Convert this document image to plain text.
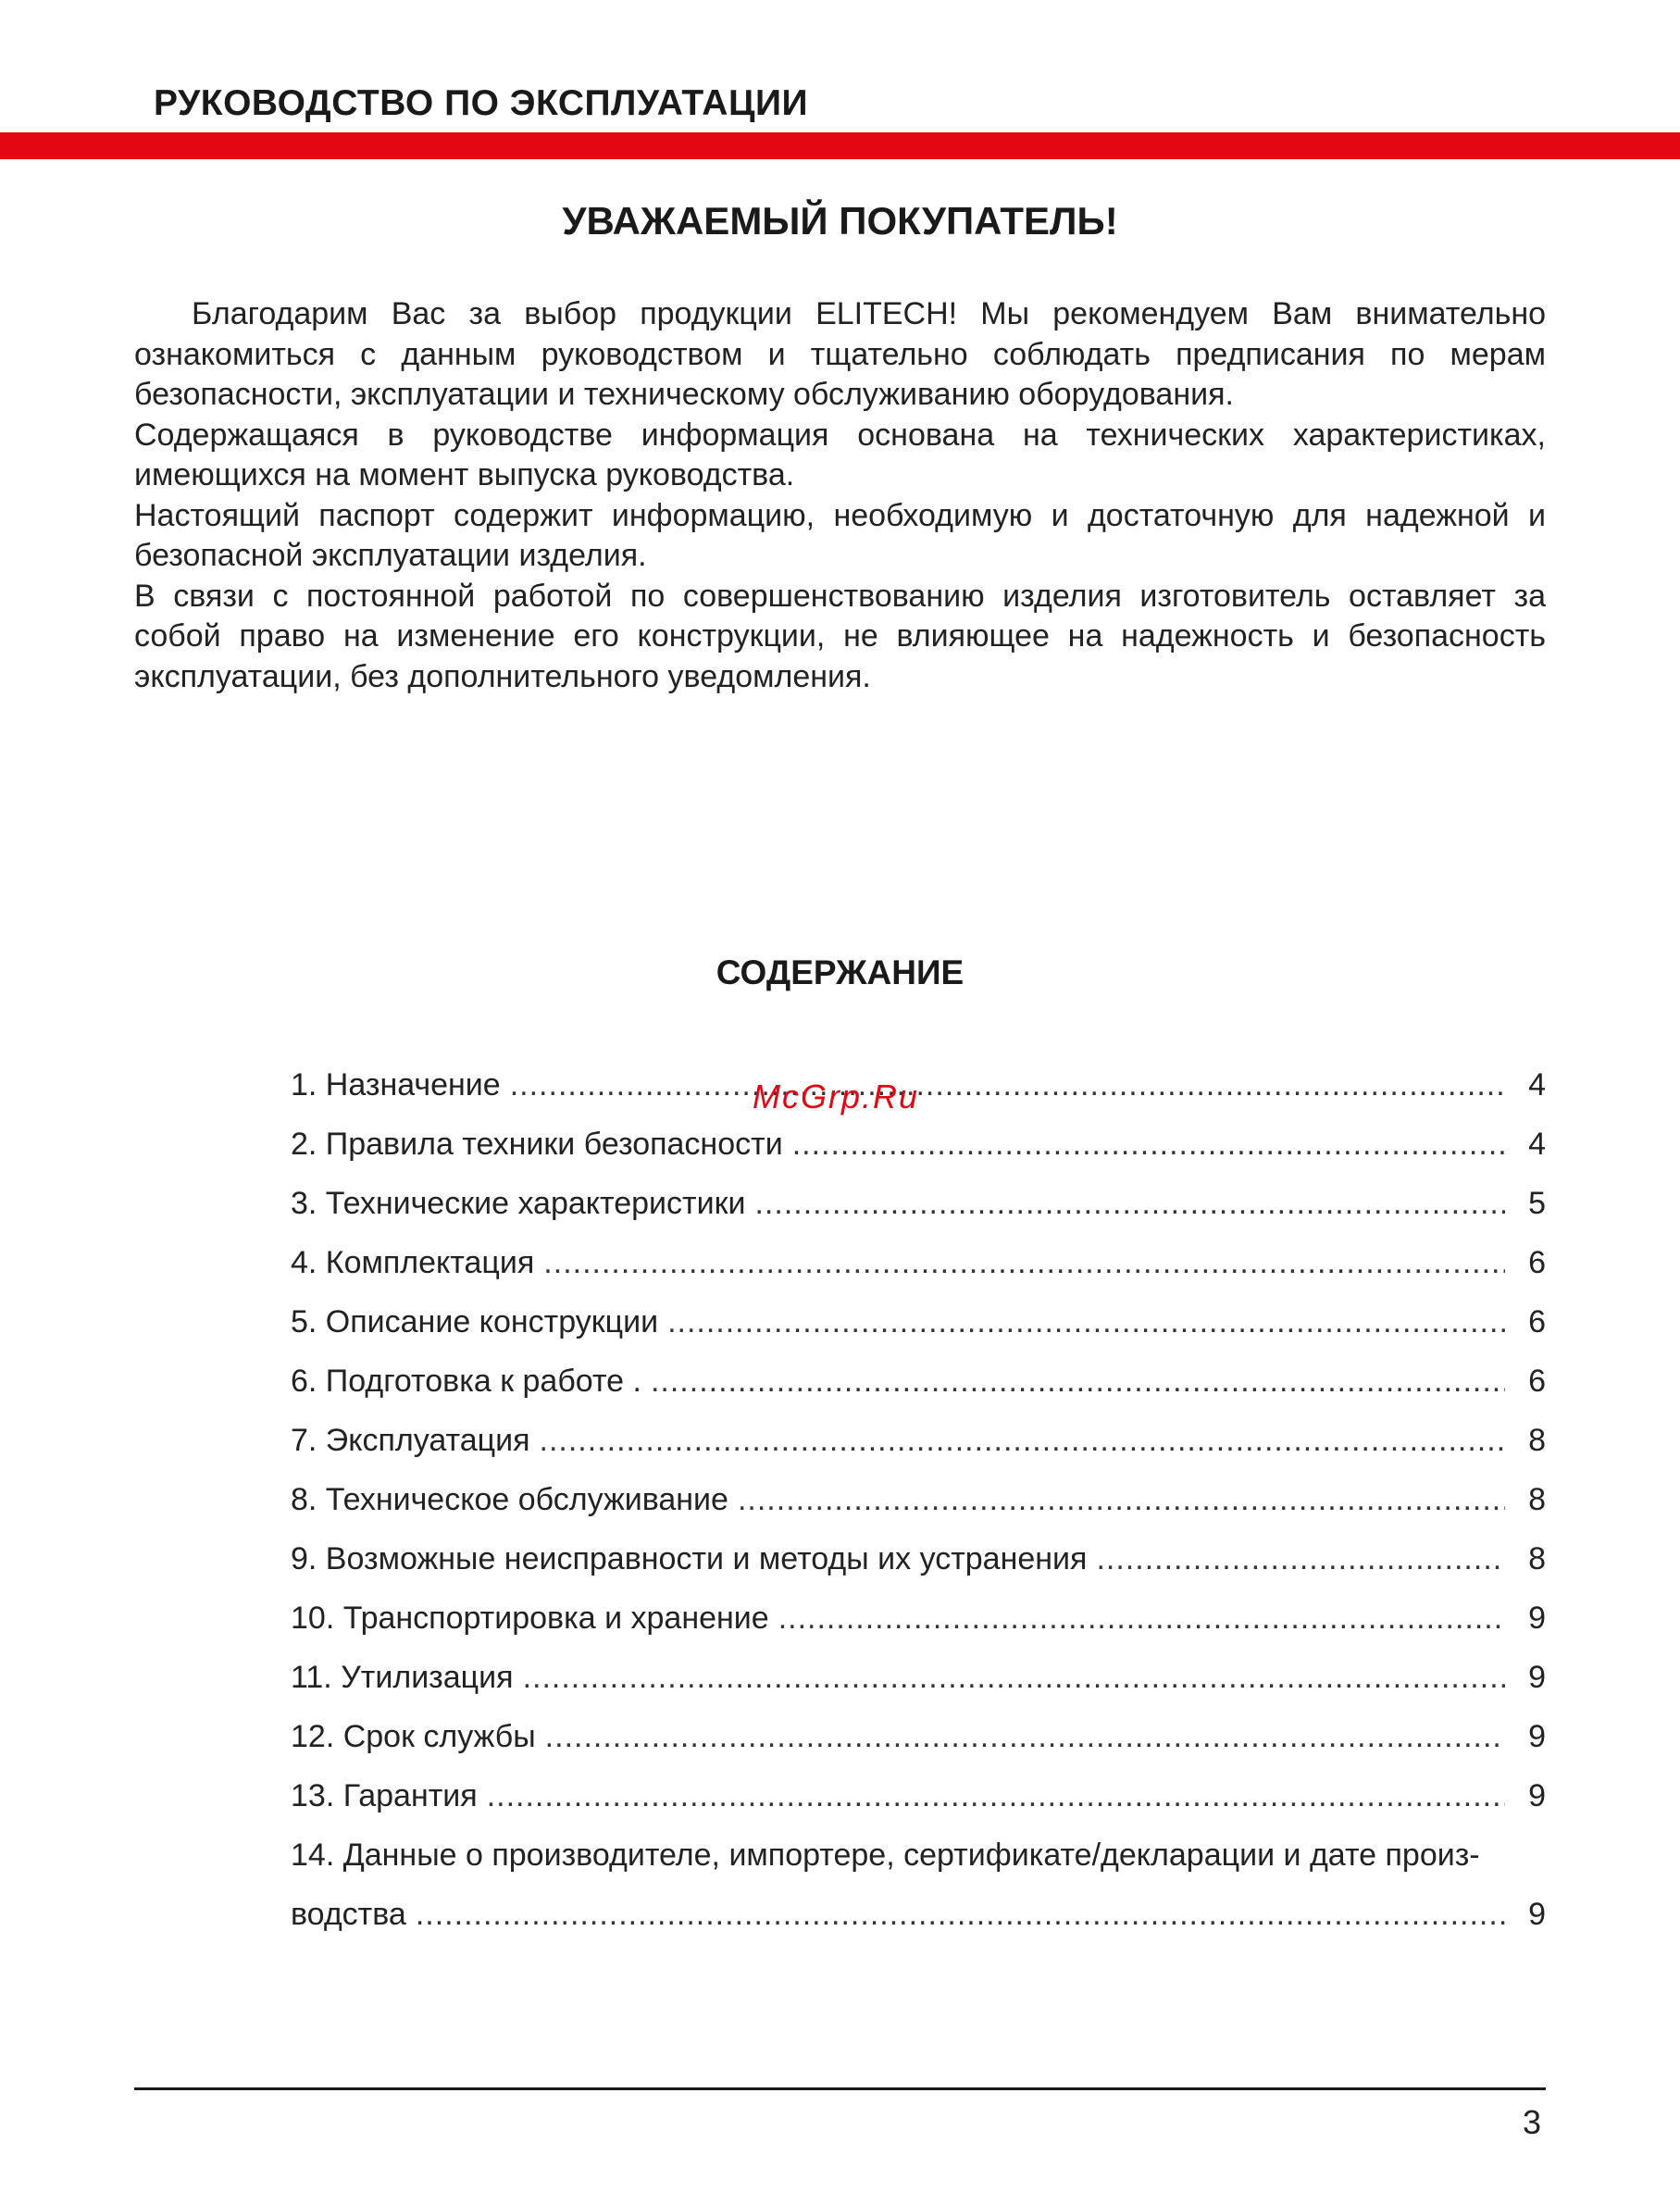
РУКОВОДСТВО ПО ЭКСПЛУАТАЦИИ
УВАЖАЕМЫЙ ПОКУПАТЕЛЬ!

Благодарим Вас за выбор продукции ELITECH! Мы рекомендуем Вам внимательно ознакомиться с данным руководством и тщательно соблюдать предписания по мерам безопасности, эксплуатации и техническому обслуживанию оборудования.

Содержащаяся в руководстве информация основана на технических характеристиках, имеющихся на момент выпуска руководства.

Настоящий паспорт содержит информацию, необходимую и достаточную для надежной и безопасной эксплуатации изделия.

В связи с постоянной работой по совершенствованию изделия изготовитель оставляет за собой право на изменение его конструкции, не влияющее на надежность и безопасность эксплуатации, без дополнительного уведомления.

СОДЕРЖАНИЕ
1. Назначение .....	4
2. Правила техники безопасности .....	4
3. Технические характеристики .....	5
4. Комплектация .....	6
5. Описание конструкции .....	6
6. Подготовка к работе . .....	6
7. Эксплуатация .....	8
8. Техническое обслуживание .....	8
9. Возможные неисправности и методы их устранения .....	8
10. Транспортировка и хранение .....	9
11. Утилизация .....	9
12. Срок службы .....	9
13. Гарантия .....	9
14. Данные о производителе, импортере, сертификате/декларации и дате произ-
водства .....	9
McGrp.Ru
3
